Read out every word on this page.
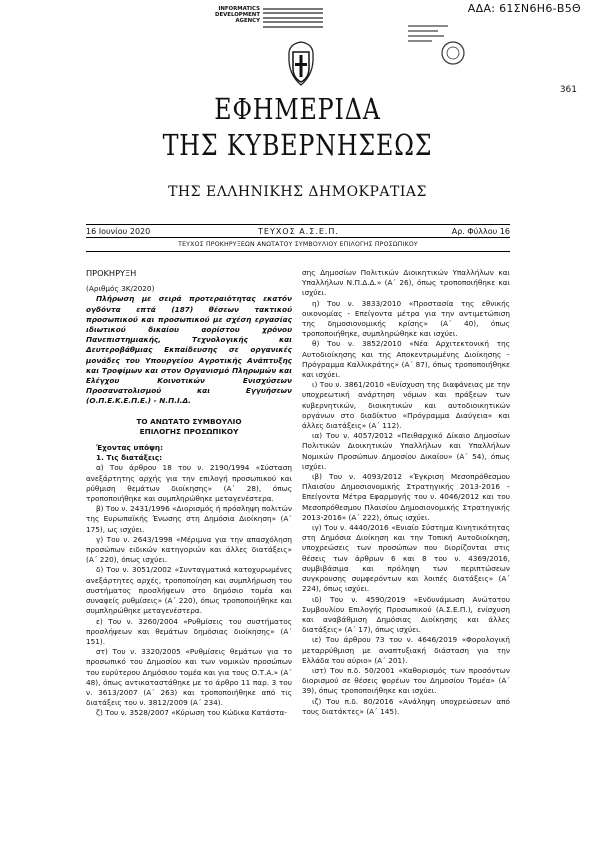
ΑΔΑ: 61ΣΝ6Η6-Β5Θ
INFORMATICS
DEVELOPMENT
AGENCY
361
ΕΦΗΜΕΡΙΔΑ
ΤΗΣ ΚΥΒΕΡΝΗΣΕΩΣ
ΤΗΣ ΕΛΛΗΝΙΚΗΣ ΔΗΜΟΚΡΑΤΙΑΣ
16 Ιουνίου 2020	ΤΕΥΧΟΣ Α.Σ.Ε.Π.	Αρ. Φύλλου 16
ΤΕΥΧΟΣ ΠΡΟΚΗΡΥΞΕΩΝ ΑΝΩΤΑΤΟΥ ΣΥΜΒΟΥΛΙΟΥ ΕΠΙΛΟΓΗΣ ΠΡΟΣΩΠΙΚΟΥ
ΠΡΟΚΗΡΥΞΗ
(Αριθμός 3Κ/2020)

Πλήρωση με σειρά προτεραιότητας εκατόν ογδόντα επτά (187) θέσεων τακτικού προσωπικού και προσωπικού με σχέση εργασίας ιδιωτικού δικαίου αορίστου χρόνου Πανεπιστημιακής, Τεχνολογικής και Δευτεροβάθμιας Εκπαίδευσης σε οργανικές μονάδες του Υπουργείου Αγροτικής Ανάπτυξης και Τροφίμων και στον Οργανισμό Πληρωμών και Ελέγχου Κοινοτικών Ενισχύσεων Προσανατολισμού και Εγγυήσεων (Ο.Π.Ε.Κ.Ε.Π.Ε.) - Ν.Π.Ι.Δ.

ΤΟ ΑΝΩΤΑΤΟ ΣΥΜΒΟΥΛΙΟ
ΕΠΙΛΟΓΗΣ ΠΡΟΣΩΠΙΚΟΥ

Έχοντας υπόψη:

1. Τις διατάξεις:

α) Του άρθρου 18 του ν. 2190/1994 «Σύσταση ανεξάρτητης αρχής για την επιλογή προσωπικού και ρύθμιση θεμάτων διοίκησης» (Α΄ 28), όπως τροποποιήθηκε και συμπληρώθηκε μεταγενέστερα.

β) Του ν. 2431/1996 «Διορισμός ή πρόσληψη πολιτών της Ευρωπαϊκής Ένωσης στη Δημόσια Διοίκηση» (Α΄ 175), ως ισχύει.

γ) Του ν. 2643/1998 «Μέριμνα για την απασχόληση προσώπων ειδικών κατηγοριών και άλλες διατάξεις» (Α΄ 220), όπως ισχύει.

δ) Του ν. 3051/2002 «Συνταγματικά κατοχυρωμένες ανεξάρτητες αρχές, τροποποίηση και συμπλήρωση του συστήματος προσλήψεων στο δημόσιο τομέα και συναφείς ρυθμίσεις» (Α΄ 220), όπως τροποποιήθηκε και συμπληρώθηκε μεταγενέστερα.

ε) Του ν. 3260/2004 «Ρυθμίσεις του συστήματος προσλήψεων και θεμάτων δημόσιας διοίκησης» (Α΄ 151).

στ) Του ν. 3320/2005 «Ρυθμίσεις θεμάτων για το προσωπικό του Δημοσίου και των νομικών προσώπων του ευρύτερου Δημόσιου τομέα και για τους Ο.Τ.Α.» (Α΄ 48), όπως αντικαταστάθηκε με το άρθρο 11 παρ. 3 του ν. 3613/2007 (Α΄ 263) και τροποποιήθηκε από τις διατάξεις του ν. 3812/2009 (Α΄ 234).

ζ) Του ν. 3528/2007 «Κύρωση του Κώδικα Κατάστα-

σης Δημοσίων Πολιτικών Διοικητικών Υπαλλήλων και Υπαλλήλων Ν.Π.Δ.Δ.» (Α΄ 26), όπως τροποποιήθηκε και ισχύει.

η) Του ν. 3833/2010 «Προστασία της εθνικής οικονομίας - Επείγοντα μέτρα για την αντιμετώπιση της δημοσιονομικής κρίσης» (Α΄ 40), όπως τροποποιήθηκε, συμπληρώθηκε και ισχύει.

θ) Του ν. 3852/2010 «Νέα Αρχιτεκτονική της Αυτοδιοίκησης και της Αποκεντρωμένης Διοίκησης – Πρόγραμμα Καλλικράτης» (Α΄ 87), όπως τροποποιήθηκε και ισχύει.

ι) Του ν. 3861/2010 «Ενίσχυση της διαφάνειας με την υποχρεωτική ανάρτηση νόμων και πράξεων των κυβερνητικών, διοικητικών και αυτοδιοικητικών οργάνων στο διαδίκτυο «Πρόγραμμα Διαύγεια» και άλλες διατάξεις» (Α΄ 112).

ια) Του ν. 4057/2012 «Πειθαρχικό Δίκαιο Δημοσίων Πολιτικών Διοικητικών Υπαλλήλων και Υπαλλήλων Νομικών Προσώπων Δημοσίου Δικαίου» (Α΄ 54), όπως ισχύει.

ιβ) Του ν. 4093/2012 «Έγκριση Μεσοπρόθεσμου Πλαισίου Δημοσιονομικής Στρατηγικής 2013-2016 – Επείγοντα Μέτρα Εφαρμογής του ν. 4046/2012 και του Μεσοπρόθεσμου Πλαισίου Δημοσιονομικής Στρατηγικής 2013-2016» (Α΄ 222), όπως ισχύει.

ιγ) Του ν. 4440/2016 «Ενιαίο Σύστημα Κινητικότητας στη Δημόσια Διοίκηση και την Τοπική Αυτοδιοίκηση, υποχρεώσεις των προσώπων που διορίζονται στις θέσεις των άρθρων 6 και 8 του ν. 4369/2016, συμβιβάσιμα και πρόληψη των περιπτώσεων συγκρουσης συμφερόντων και λοιπές διατάξεις» (Α΄ 224), όπως ισχύει.

ιδ) Του ν. 4590/2019 «Ενδυνάμωση Ανώτατου Συμβουλίου Επιλογής Προσωπικού (Α.Σ.Ε.Π.), ενίσχυση και αναβάθμιση Δημόσιας Διοίκησης και άλλες διατάξεις» (Α΄ 17), όπως ισχύει.

ιε) Του άρθρου 73 του ν. 4646/2019 «Φορολογική μεταρρύθμιση με αναπτυξιακή διάσταση για την Ελλάδα του αύριο» (Α΄ 201).

ιστ) Του π.δ. 50/2001 «Καθορισμός των προσόντων διορισμού σε θέσεις φορέων του Δημοσίου Τομέα» (Α΄ 39), όπως τροποποιήθηκε και ισχύει.

ιζ) Του π.δ. 80/2016 «Ανάληψη υποχρεώσεων από τους διατάκτες» (Α΄ 145).
